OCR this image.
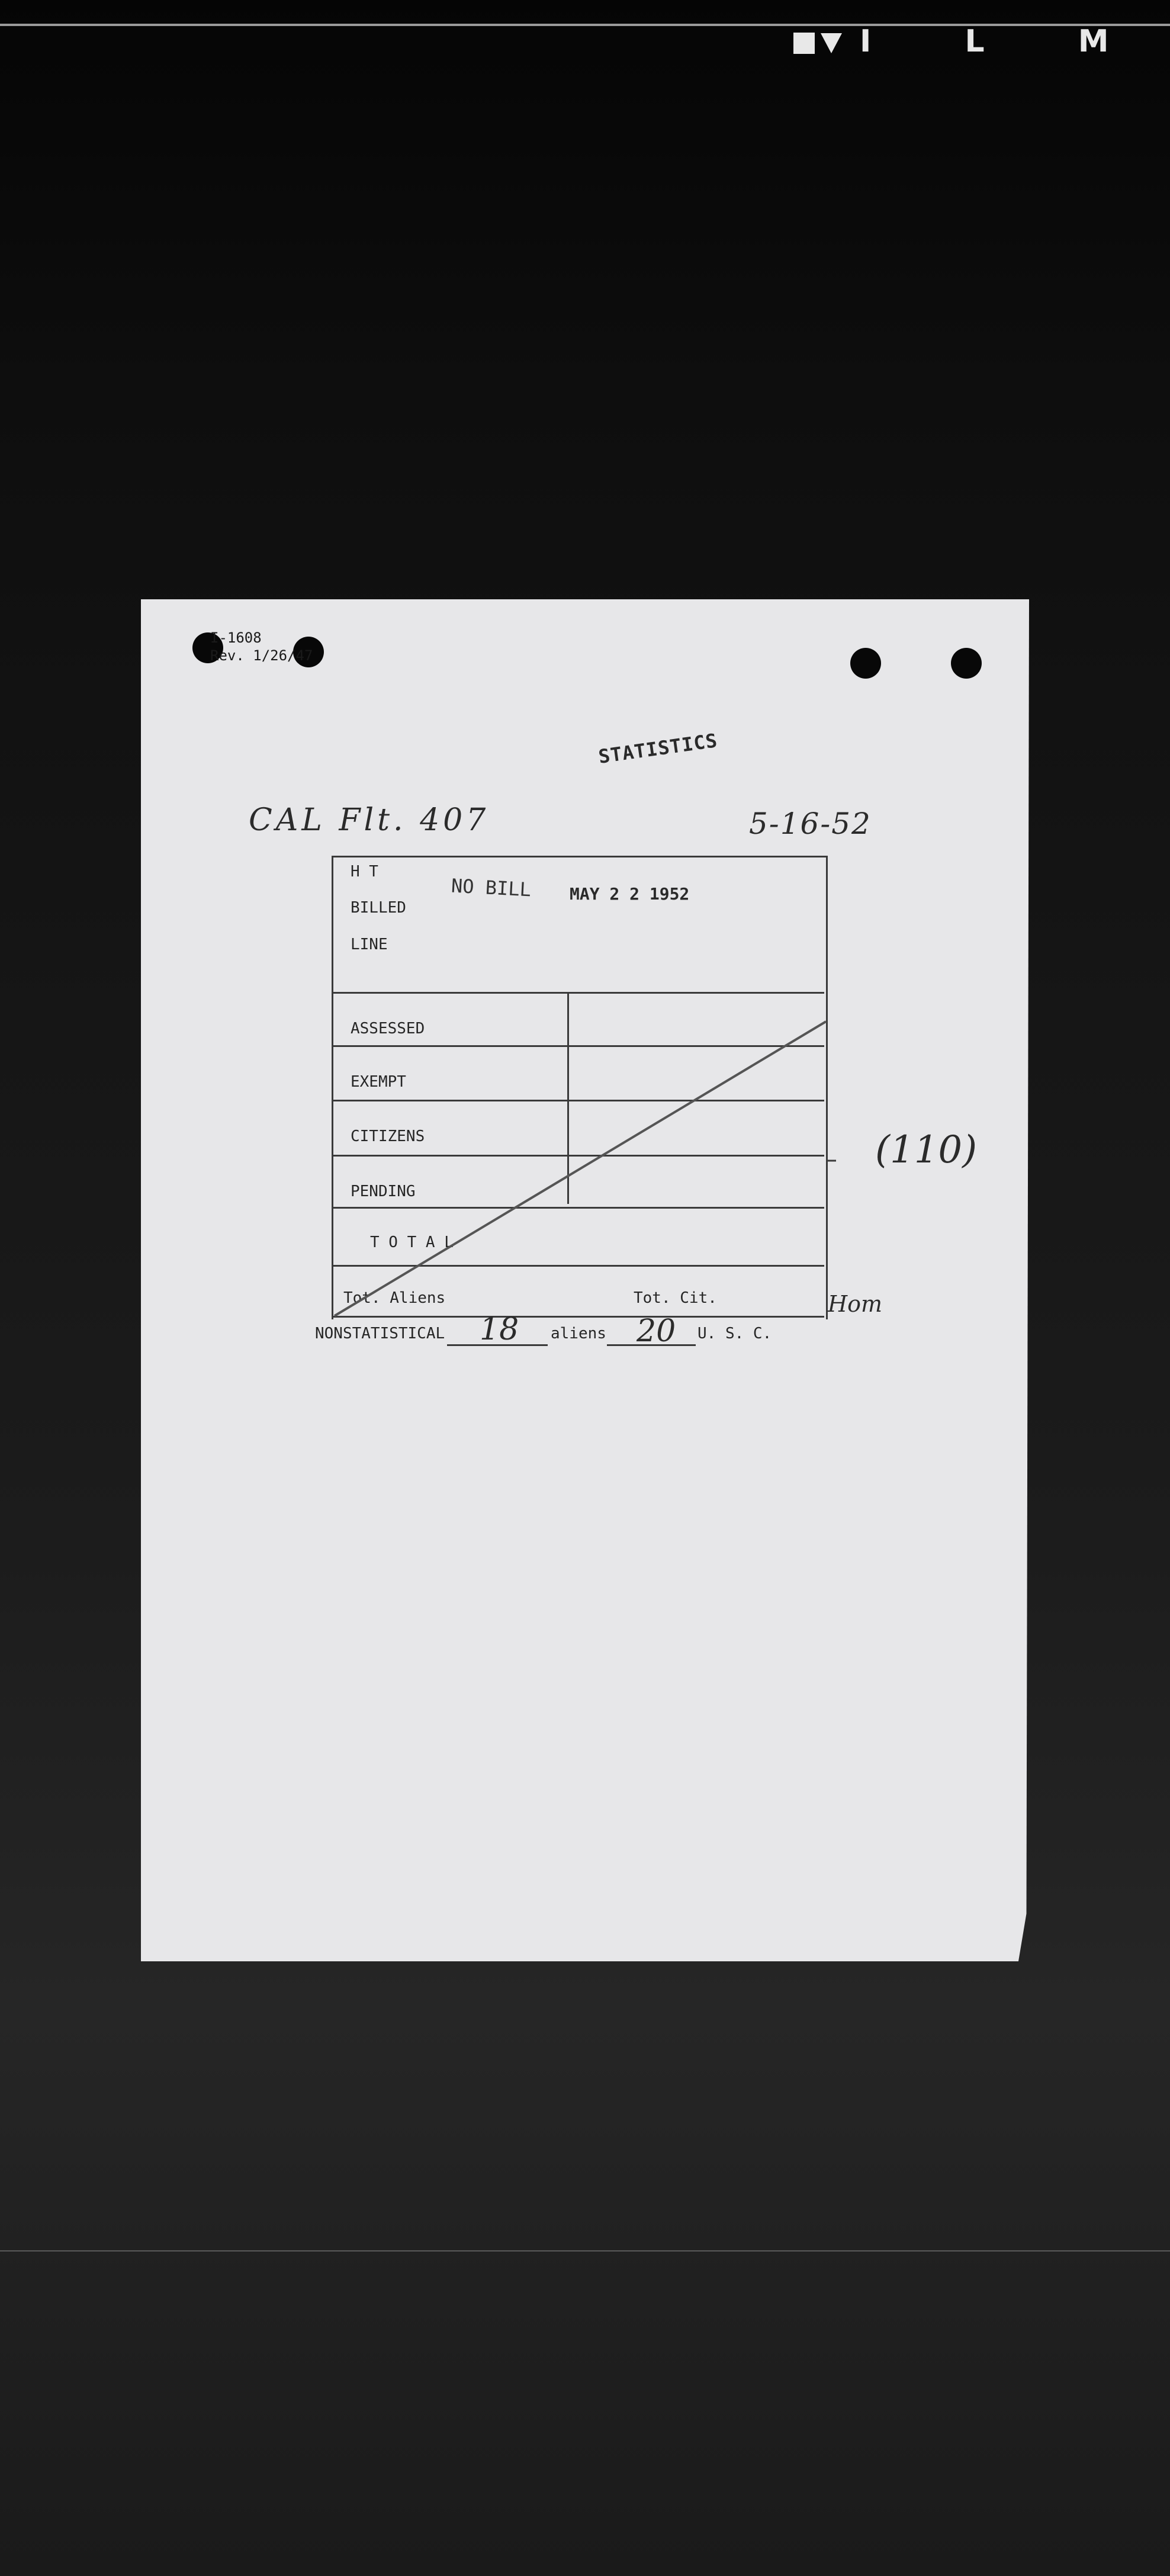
I L M
I-1608
Rev. 1/26/47
STATISTICS
CAL Flt. 407	5-16-52
H T
BILLED
LINE
ASSESSED
EXEMPT
CITIZENS
PENDING
T O T A L
Tot. Aliens	Tot. Cit.
NO BILL MAY 2 2 1952
(110)
Hom
NONSTATISTICAL 18 aliens 20 U. S. C.
